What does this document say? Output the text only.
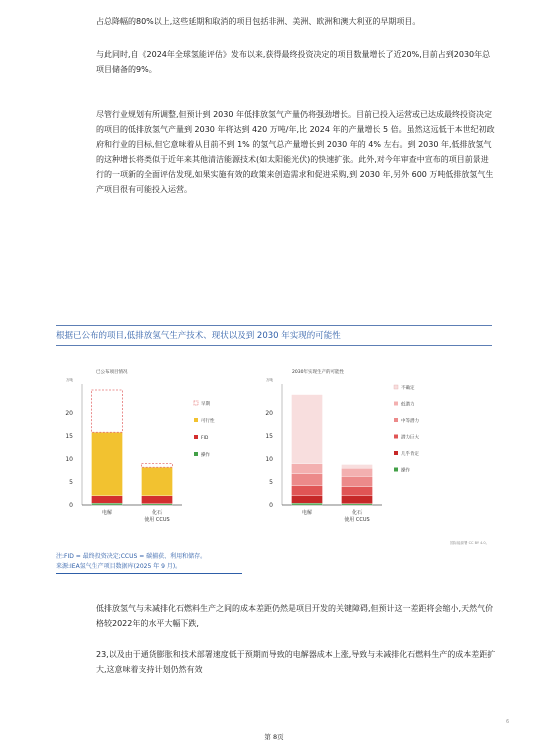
占总降幅的80%以上,这些延期和取消的项目包括非洲、美洲、欧洲和澳大利亚的早期项目。

与此同时,自《2024年全球氢能评估》发布以来,获得最终投资决定的项目数量增长了近20%,目前占到2030年总项目储备的9%。

尽管行业规划有所调整,但预计到 2030 年低排放氢气产量仍将强劲增长。目前已投入运营或已达成最终投资决定的项目的低排放氢气产量到 2030 年将达到 420 万吨/年,比 2024 年的产量增长 5 倍。虽然这远低于本世纪初政府和行业的目标,但它意味着从目前不到 1% 的氢气总产量增长到 2030 年的 4% 左右。到 2030 年,低排放氢气的这种增长将类似于近年来其他清洁能源技术(如太阳能光伏)的快速扩张。此外,对今年审查中宣布的项目前景进行的一项新的全面评估发现,如果实施有效的政策来创造需求和促进采购,到 2030 年,另外 600 万吨低排放氢气生产项目很有可能投入运营。

根据已公布的项目,低排放氢气生产技术、现状以及到 2030 年实现的可能性

已公布项目情况	2030年实现生产的可能性
万吨
0
5
10
15
20
电解	化石
使用 CCUS
早期
可行性
FID
操作
万吨
0
5
10
15
20
电解	化石
使用 CCUS
不确定
低潜力
中等潜力
潜力巨大
几乎肯定
操作
国际能源署 CC BY 4.0。

注:FID = 最终投资决定;CCUS = 碳捕获、利用和储存。

来源:IEA氢气生产项目数据库(2025 年 9 月)。

低排放氢气与未减排化石燃料生产之间的成本差距仍然是项目开发的关键障碍,但预计这一差距将会缩小,天然气价格较2022年的水平大幅下跌,

23,以及由于通货膨胀和技术部署速度低于预期而导致的电解器成本上涨,导致与未减排化石燃料生产的成本差距扩大,这意味着支持计划仍然有效

6
第 8页
